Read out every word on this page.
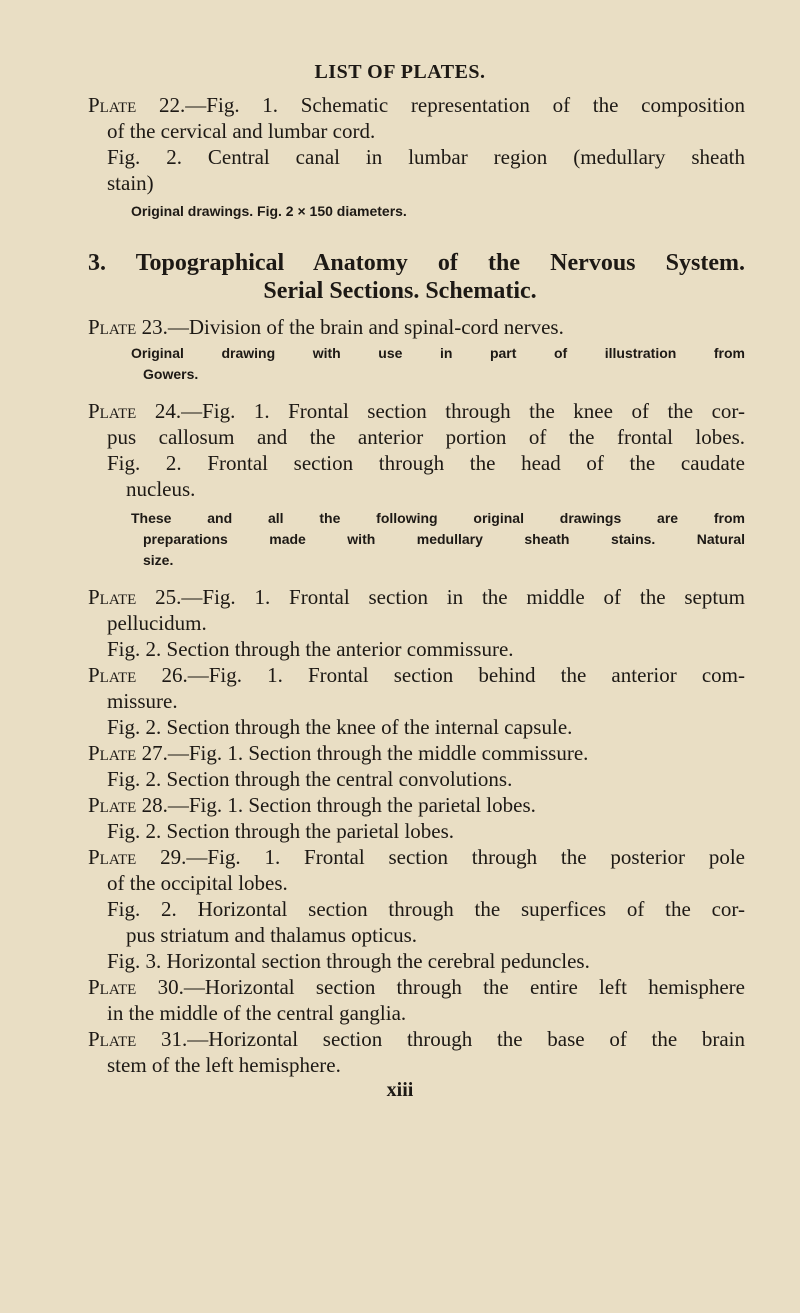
LIST OF PLATES.
Plate 22.—Fig. 1. Schematic representation of the composition
of the cervical and lumbar cord.
Fig. 2. Central canal in lumbar region (medullary sheath
stain)
Original drawings. Fig. 2 × 150 diameters.
3. Topographical Anatomy of the Nervous System.
Serial Sections. Schematic.
Plate 23.—Division of the brain and spinal-cord nerves.
Original drawing with use in part of illustration from
Gowers.
Plate 24.—Fig. 1. Frontal section through the knee of the cor-
pus callosum and the anterior portion of the frontal lobes.
Fig. 2. Frontal section through the head of the caudate
nucleus.
These and all the following original drawings are from
preparations made with medullary sheath stains. Natural
size.
Plate 25.—Fig. 1. Frontal section in the middle of the septum
pellucidum.
Fig. 2. Section through the anterior commissure.
Plate 26.—Fig. 1. Frontal section behind the anterior com-
missure.
Fig. 2. Section through the knee of the internal capsule.
Plate 27.—Fig. 1. Section through the middle commissure.
Fig. 2. Section through the central convolutions.
Plate 28.—Fig. 1. Section through the parietal lobes.
Fig. 2. Section through the parietal lobes.
Plate 29.—Fig. 1. Frontal section through the posterior pole
of the occipital lobes.
Fig. 2. Horizontal section through the superfices of the cor-
pus striatum and thalamus opticus.
Fig. 3. Horizontal section through the cerebral peduncles.
Plate 30.—Horizontal section through the entire left hemisphere
in the middle of the central ganglia.
Plate 31.—Horizontal section through the base of the brain
stem of the left hemisphere.
xiii
